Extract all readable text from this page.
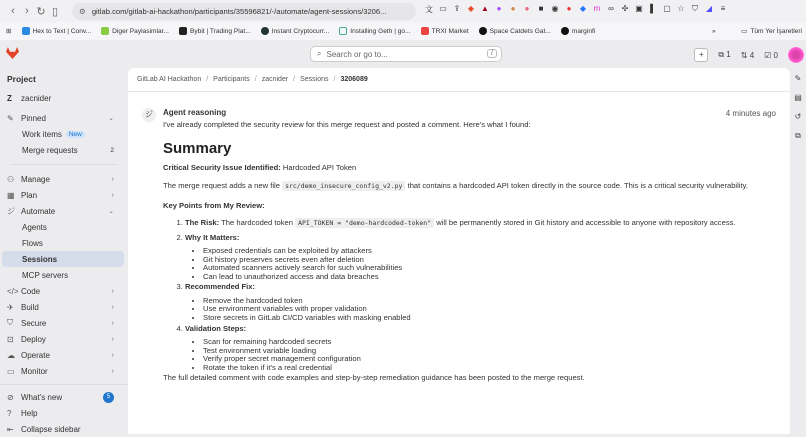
‹ › ↻ ▯	⚙ gitlab.com/gitlab-ai-hackathon/participants/35596821/-/automate/agent-sessions/3206...	文 ▭ ⇪ ◆ ▲ ●	●	●	■	◉	●	◆ m ∞ ✣ ▣ ▌ ▢ ☆ ⛉ ◢	≡
⊞	Hex to Text | Conv...	Diger Paylasimlar...	Bybit | Trading Plat...	Instant Cryptocurr...	Installing Geth | go...	TRXI Market	Space Catdets Gat...	marginfi	»	▭ Tüm Yer İşaretleri
⌕ Search or go to...	/	+	⧉ 1 ⇅ 4 ☑ 0
Project
Z	zacnider
✎ Pinned	⌄
Work items	New
Merge requests	2
⚇ Manage	›
▦ Plan	›
ジ Automate	⌄
Agents
Flows
Sessions
MCP servers
</> Code	›
✈ Build	›
⛉	Secure	›
⊡ Deploy	›
☁ Operate	›
▭ Monitor	›
⊘ What's new	5
?	Help
⇤ Collapse sidebar
GitLab AI Hackathon / Participants / zacnider / Sessions / 3206089
ジ	4 minutes ago
Agent reasoning
I've already completed the security review for this merge request and posted a comment. Here's what I found:
Summary
Critical Security Issue Identified: Hardcoded API Token
The merge request adds a new file src/demo_insecure_config_v2.py that contains a hardcoded API token directly in the source code. This is a critical security vulnerability.
Key Points from My Review:
1. The Risk: The hardcoded token API_TOKEN = "demo-hardcoded-token" will be permanently stored in Git history and accessible to anyone with repository access.
2. Why It Matters:
• Exposed credentials can be exploited by attackers
• Git history preserves secrets even after deletion
• Automated scanners actively search for such vulnerabilities
• Can lead to unauthorized access and data breaches
3. Recommended Fix:
• Remove the hardcoded token
• Use environment variables with proper validation
• Store secrets in GitLab CI/CD variables with masking enabled
4. Validation Steps:
• Scan for remaining hardcoded secrets
• Test environment variable loading
• Verify proper secret management configuration
• Rotate the token if it's a real credential
The full detailed comment with code examples and step-by-step remediation guidance has been posted to the merge request.
✎
▤
↺
⧉
